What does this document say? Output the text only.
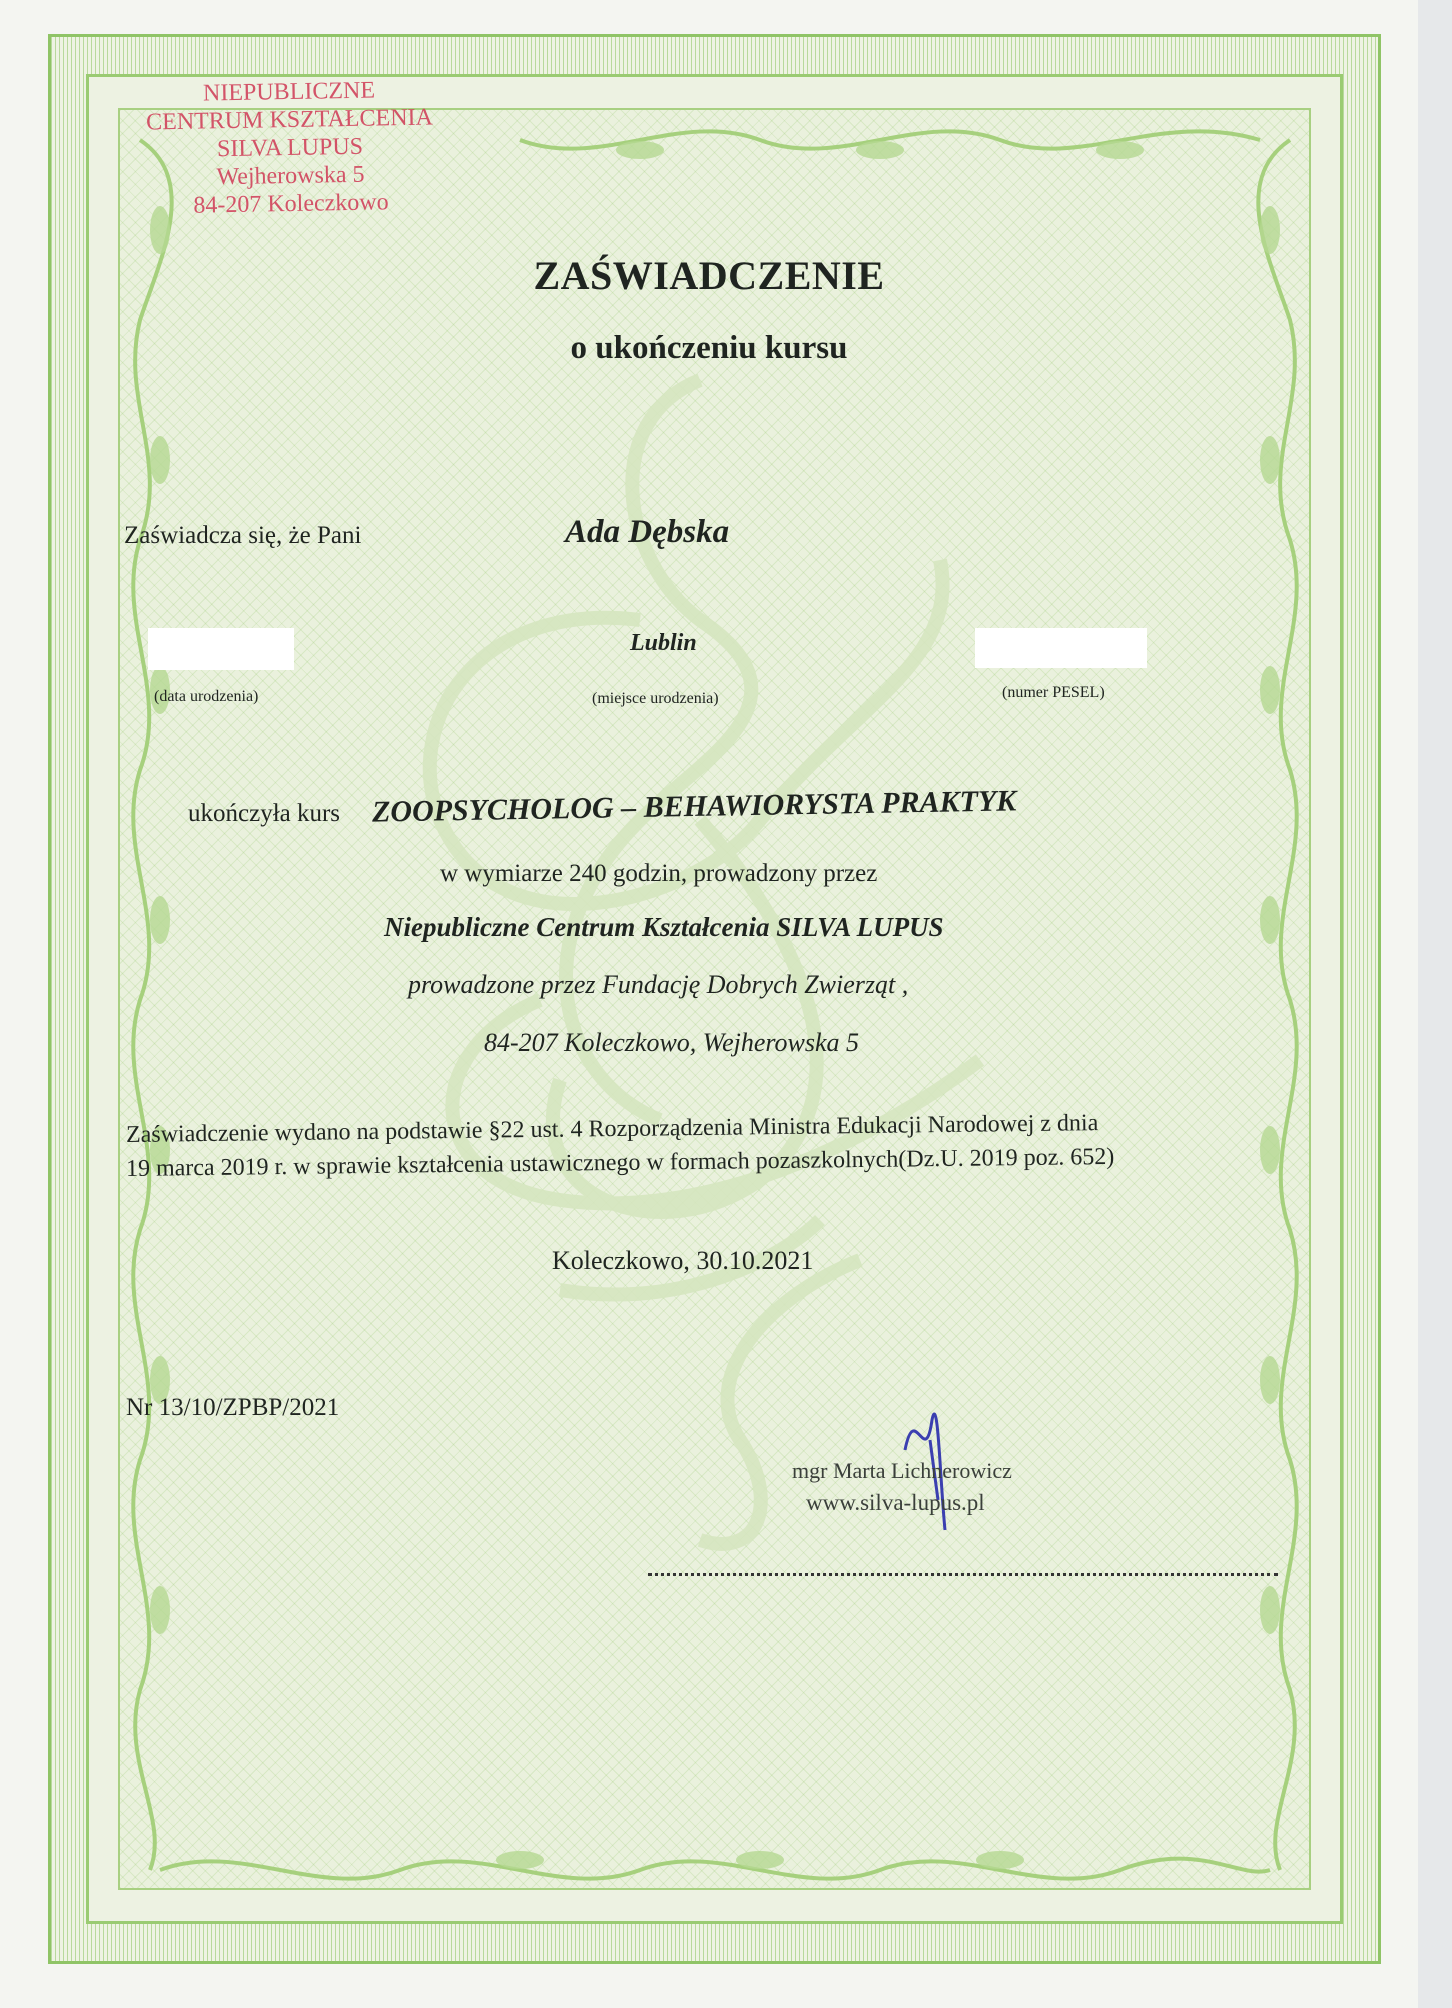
NIEPUBLICZNE
CENTRUM KSZTAŁCENIA
SILVA LUPUS
Wejherowska 5
84-207 Koleczkowo
ZAŚWIADCZENIE
o ukończeniu kursu
Zaświadcza się, że Pani	Ada Dębska
Lublin
(data urodzenia)	(miejsce urodzenia)	(numer PESEL)
ukończyła kurs ZOOPSYCHOLOG – BEHAWIORYSTA PRAKTYK
w wymiarze 240 godzin, prowadzony przez
Niepubliczne Centrum Kształcenia SILVA LUPUS
prowadzone przez Fundację Dobrych Zwierząt ,
84-207 Koleczkowo, Wejherowska 5
Zaświadczenie wydano na podstawie §22 ust. 4 Rozporządzenia Ministra Edukacji Narodowej z dnia
19 marca 2019 r. w sprawie kształcenia ustawicznego w formach pozaszkolnych(Dz.U. 2019 poz. 652)
Koleczkowo, 30.10.2021
Nr 13/10/ZPBP/2021
mgr Marta Lichnerowicz
www.silva-lupus.pl
